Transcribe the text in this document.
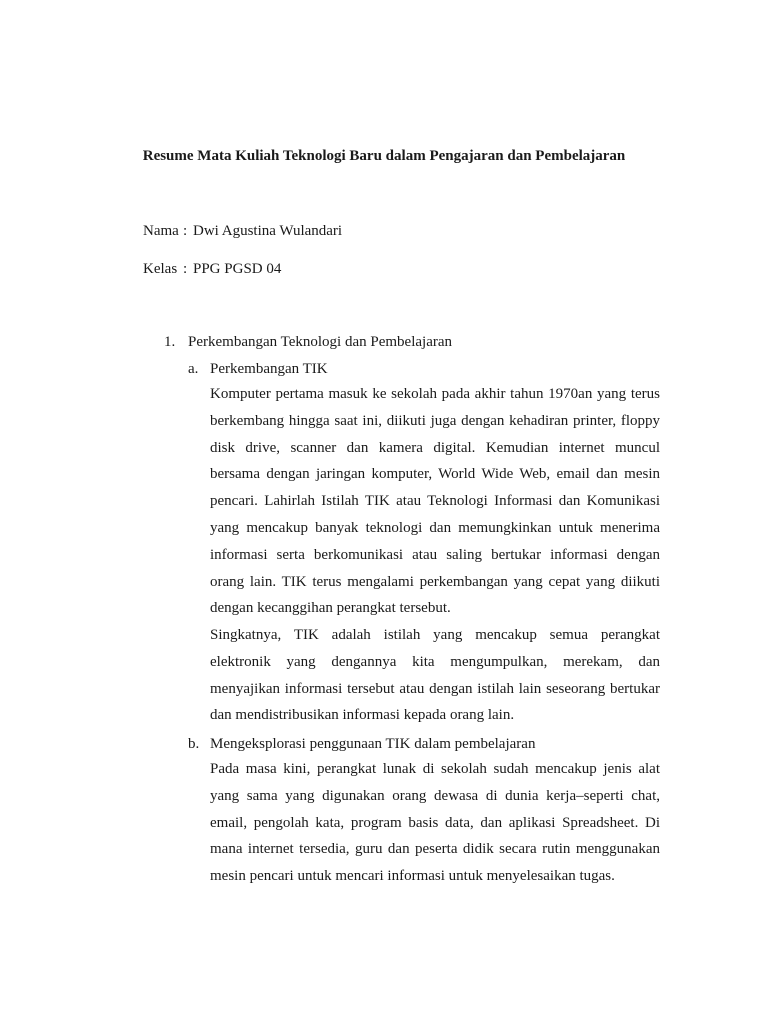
Resume Mata Kuliah Teknologi Baru dalam Pengajaran dan Pembelajaran
Nama : Dwi Agustina Wulandari
Kelas : PPG PGSD 04
1. Perkembangan Teknologi dan Pembelajaran
a. Perkembangan TIK

Komputer pertama masuk ke sekolah pada akhir tahun 1970an yang terus berkembang hingga saat ini, diikuti juga dengan kehadiran printer, floppy disk drive, scanner dan kamera digital. Kemudian internet muncul bersama dengan jaringan komputer, World Wide Web, email dan mesin pencari. Lahirlah Istilah TIK atau Teknologi Informasi dan Komunikasi yang mencakup banyak teknologi dan memungkinkan untuk menerima informasi serta berkomunikasi atau saling bertukar informasi dengan orang lain. TIK terus mengalami perkembangan yang cepat yang diikuti dengan kecanggihan perangkat tersebut.

Singkatnya, TIK adalah istilah yang mencakup semua perangkat elektronik yang dengannya kita mengumpulkan, merekam, dan menyajikan informasi tersebut atau dengan istilah lain seseorang bertukar dan mendistribusikan informasi kepada orang lain.

b. Mengeksplorasi penggunaan TIK dalam pembelajaran

Pada masa kini, perangkat lunak di sekolah sudah mencakup jenis alat yang sama yang digunakan orang dewasa di dunia kerja–seperti chat, email, pengolah kata, program basis data, dan aplikasi Spreadsheet. Di mana internet tersedia, guru dan peserta didik secara rutin menggunakan mesin pencari untuk mencari informasi untuk menyelesaikan tugas.
